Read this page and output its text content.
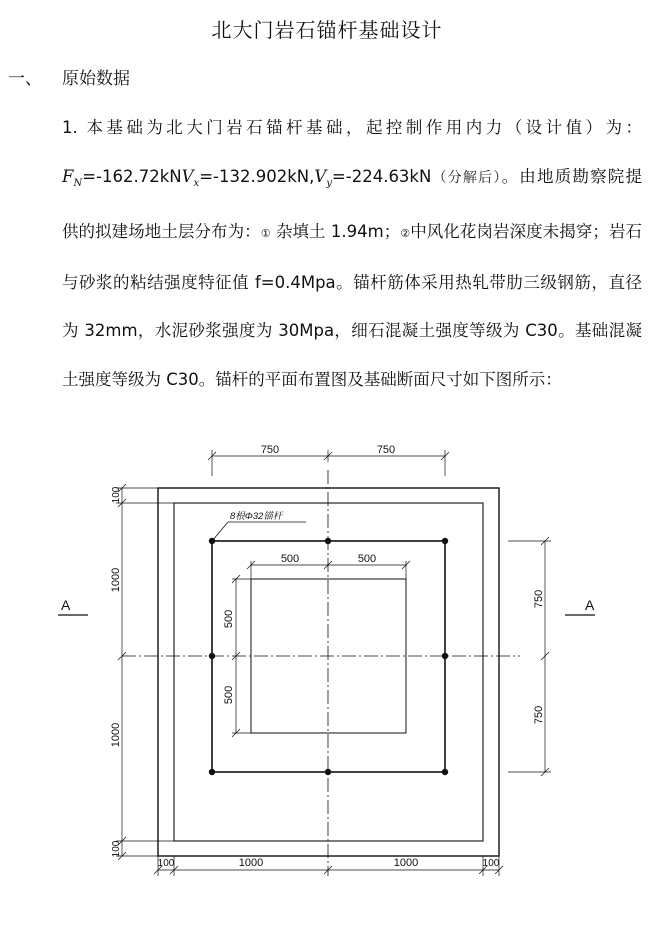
北大门岩石锚杆基础设计
一、 原始数据
1. 本基础为北大门岩石锚杆基础，起控制作用内力（设计值）为：$F_N=-162.72kNV_x=-132.902kN,V_y=-224.63kN$（分解后）。由地质勘察院提供的拟建场地土层分布为：① 杂填土 1.94m；②中风化花岗岩深度未揭穿；岩石与砂浆的粘结强度特征值 f=0.4Mpa。锚杆筋体采用热轧带肋三级钢筋，直径为 32mm，水泥砂浆强度为 30Mpa，细石混凝土强度等级为 C30。基础混凝土强度等级为 C30。锚杆的平面布置图及基础断面尺寸如下图所示：
A	A
8根Φ32锚杆
750	750
500	500
100
1000
1000
100
500
500
750
750
100	1000	1000	100
